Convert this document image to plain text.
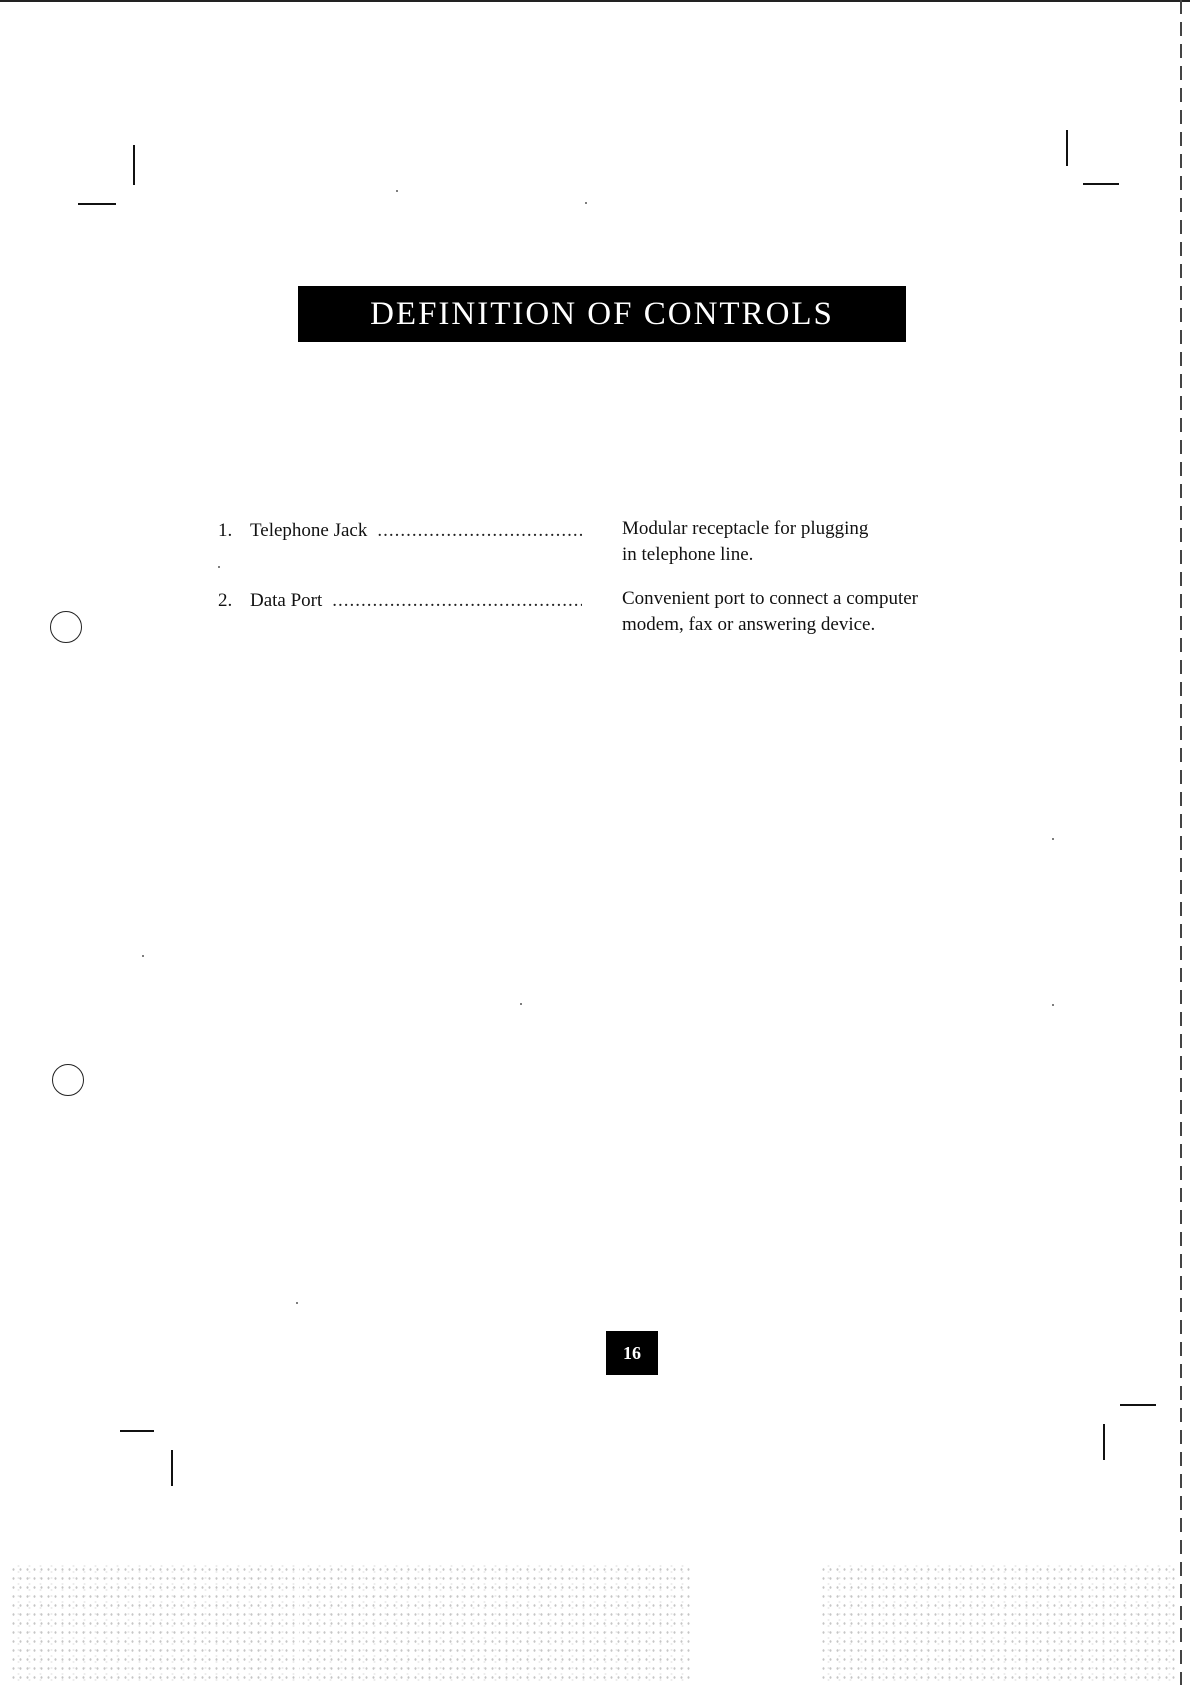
DEFINITION OF CONTROLS
1. Telephone Jack .....	Modular receptacle for plugging
in telephone line.
2. Data Port .....	Convenient port to connect a computer
modem, fax or answering device.
16
